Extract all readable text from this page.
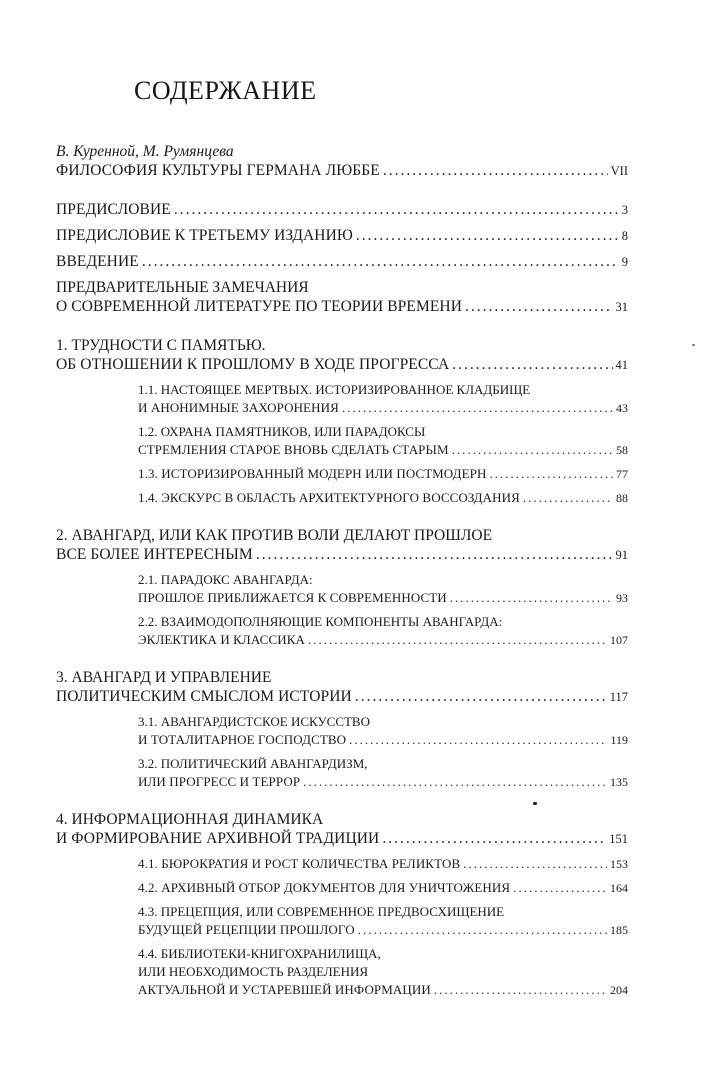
СОДЕРЖАНИЕ
В. Куренной, М. Румянцева
ФИЛОСОФИЯ КУЛЬТУРЫ ГЕРМАНА ЛЮББЕ .....	VII
ПРЕДИСЛОВИЕ .....	3
ПРЕДИСЛОВИЕ К ТРЕТЬЕМУ ИЗДАНИЮ .....	8
ВВЕДЕНИЕ .....	9
ПРЕДВАРИТЕЛЬНЫЕ ЗАМЕЧАНИЯ
О СОВРЕМЕННОЙ ЛИТЕРАТУРЕ ПО ТЕОРИИ ВРЕМЕНИ .....	31
1. ТРУДНОСТИ С ПАМЯТЬЮ.
ОБ ОТНОШЕНИИ К ПРОШЛОМУ В ХОДЕ ПРОГРЕССА .....	41
1.1. НАСТОЯЩЕЕ МЕРТВЫХ. ИСТОРИЗИРОВАННОЕ КЛАДБИЩЕ
И АНОНИМНЫЕ ЗАХОРОНЕНИЯ .....	43
1.2. ОХРАНА ПАМЯТНИКОВ, ИЛИ ПАРАДОКСЫ
СТРЕМЛЕНИЯ СТАРОЕ ВНОВЬ СДЕЛАТЬ СТАРЫМ .....	58
1.3. ИСТОРИЗИРОВАННЫЙ МОДЕРН ИЛИ ПОСТМОДЕРН .....	77
1.4. ЭКСКУРС В ОБЛАСТЬ АРХИТЕКТУРНОГО ВОССОЗДАНИЯ .....	88
2. АВАНГАРД, ИЛИ КАК ПРОТИВ ВОЛИ ДЕЛАЮТ ПРОШЛОЕ
ВСЕ БОЛЕЕ ИНТЕРЕСНЫМ .....	91
2.1. ПАРАДОКС АВАНГАРДА:
ПРОШЛОЕ ПРИБЛИЖАЕТСЯ К СОВРЕМЕННОСТИ .....	93
2.2. ВЗАИМОДОПОЛНЯЮЩИЕ КОМПОНЕНТЫ АВАНГАРДА:
ЭКЛЕКТИКА И КЛАССИКА .....	107
3. АВАНГАРД И УПРАВЛЕНИЕ
ПОЛИТИЧЕСКИМ СМЫСЛОМ ИСТОРИИ .....	117
3.1. АВАНГАРДИСТСКОЕ ИСКУССТВО
И ТОТАЛИТАРНОЕ ГОСПОДСТВО .....	119
3.2. ПОЛИТИЧЕСКИЙ АВАНГАРДИЗМ,
ИЛИ ПРОГРЕСС И ТЕРРОР .....	135
4. ИНФОРМАЦИОННАЯ ДИНАМИКА
И ФОРМИРОВАНИЕ АРХИВНОЙ ТРАДИЦИИ .....	151
4.1. БЮРОКРАТИЯ И РОСТ КОЛИЧЕСТВА РЕЛИКТОВ .....	153
4.2. АРХИВНЫЙ ОТБОР ДОКУМЕНТОВ ДЛЯ УНИЧТОЖЕНИЯ .....	164
4.3. ПРЕЦЕПЦИЯ, ИЛИ СОВРЕМЕННОЕ ПРЕДВОСХИЩЕНИЕ
БУДУЩЕЙ РЕЦЕПЦИИ ПРОШЛОГО .....	185
4.4. БИБЛИОТЕКИ-КНИГОХРАНИЛИЩА,
ИЛИ НЕОБХОДИМОСТЬ РАЗДЕЛЕНИЯ
АКТУАЛЬНОЙ И УСТАРЕВШЕЙ ИНФОРМАЦИИ .....	204
